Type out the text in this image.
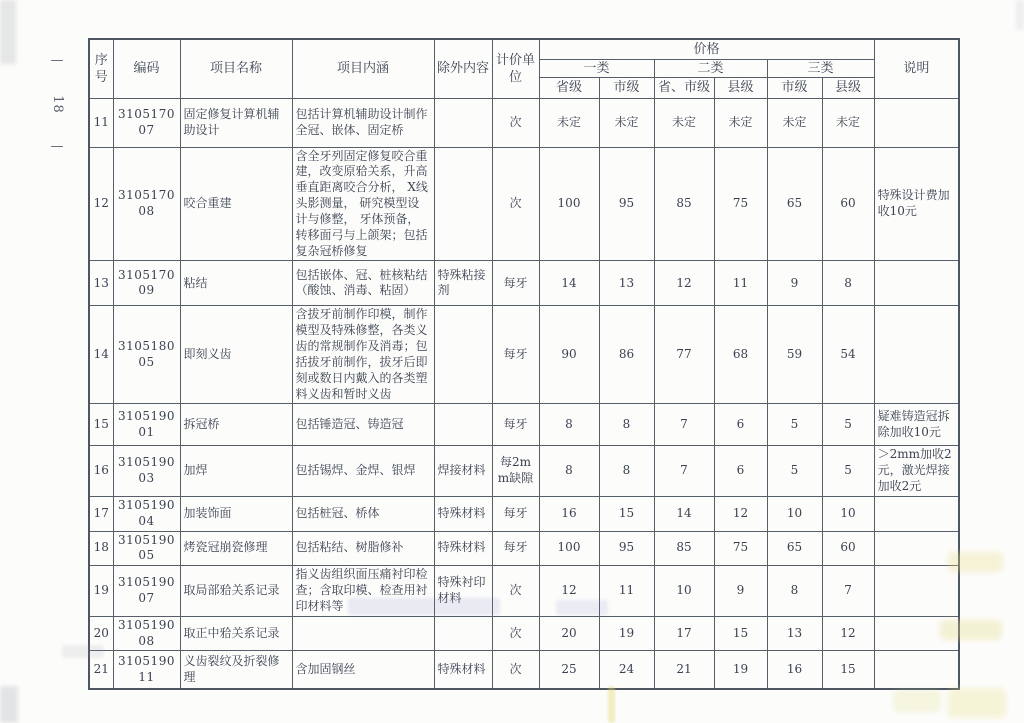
—
18
—
序号	编码	项目名称	项目内涵	除外内容	计价单位	价格						说明
						一类		二类		三类		
						省级	市级	省、市级	县级	市级	县级	
11	310517007	固定修复计算机辅助设计	包括计算机辅助设计制作全冠、嵌体、固定桥		次	未定	未定	未定	未定	未定	未定	
12	310517008	咬合重建	含全牙列固定修复咬合重建，改变原𬌗关系，升高垂直距离咬合分析， X线头影测量， 研究模型设计与修整， 牙体预备， 转移面弓与上颌架；包括复杂冠桥修复		次	100	95	85	75	65	60	特殊设计费加收10元
13	310517009	粘结	包括嵌体、冠、桩核粘结（酸蚀、消毒、粘固）	特殊粘接剂	每牙	14	13	12	11	9	8	
14	310518005	即刻义齿	含拔牙前制作印模，制作模型及特殊修整，各类义齿的常规制作及消毒；包括拔牙前制作，拔牙后即刻或数日内戴入的各类塑料义齿和暂时义齿		每牙	90	86	77	68	59	54	
15	310519001	拆冠桥	包括锤造冠、铸造冠		每牙	8	8	7	6	5	5	疑难铸造冠拆除加收10元
16	310519003	加焊	包括锡焊、金焊、银焊	焊接材料	每2mm缺隙	8	8	7	6	5	5	＞2mm加收2元，激光焊接加收2元
17	310519004	加装饰面	包括桩冠、桥体	特殊材料	每牙	16	15	14	12	10	10	
18	310519005	烤瓷冠崩瓷修理	包括粘结、树脂修补	特殊材料	每牙	100	95	85	75	65	60	
19	310519007	取局部𬌗关系记录	指义齿组织面压痛衬印检查；含取印模、检查用衬印材料等	特殊衬印材料	次	12	11	10	9	8	7	
20	310519008	取正中𬌗关系记录			次	20	19	17	15	13	12	
21	310519011	义齿裂纹及折裂修理	含加固钢丝	特殊材料	次	25	24	21	19	16	15	
